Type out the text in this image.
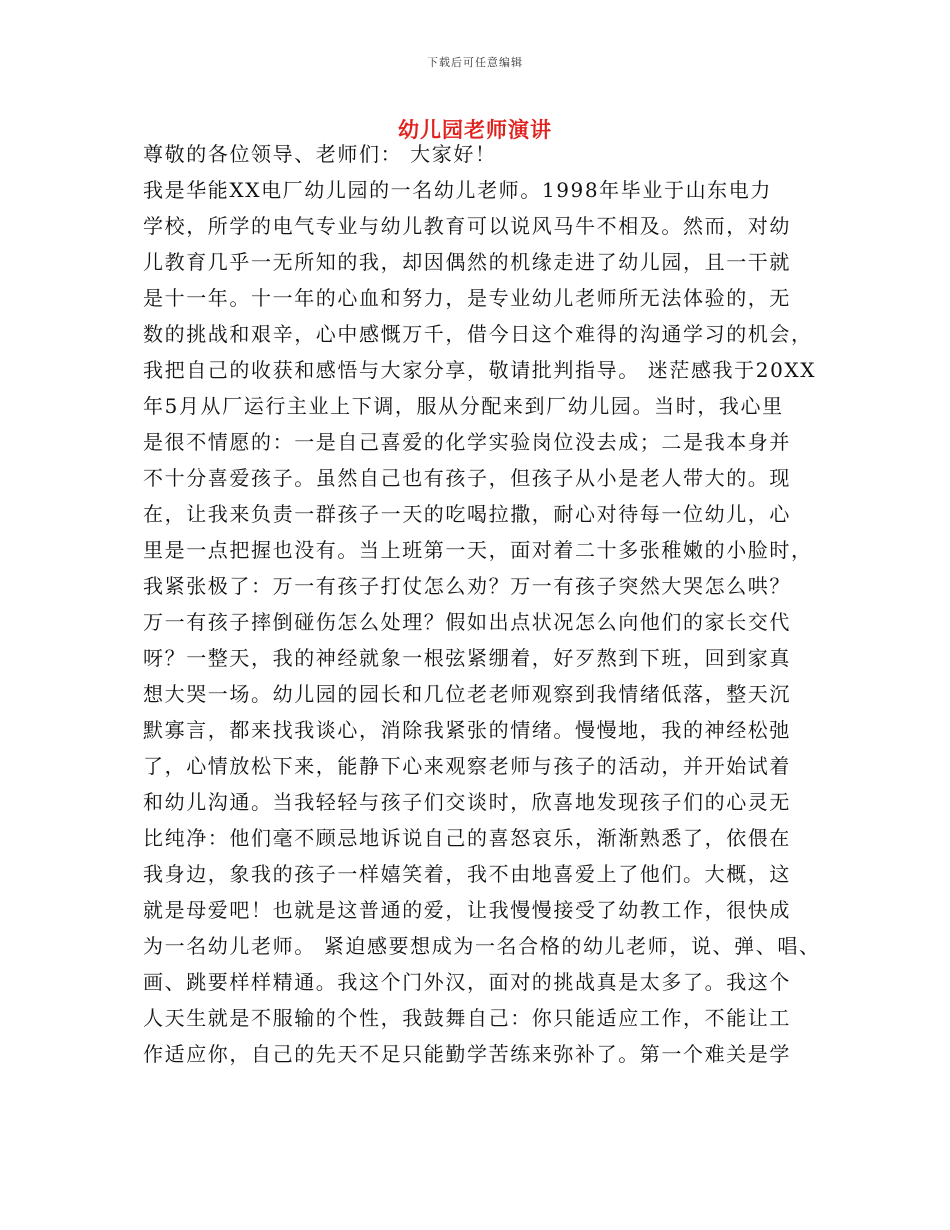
下载后可任意编辑
幼儿园老师演讲
尊敬的各位领导、老师们： 大家好！
我是华能XX电厂幼儿园的一名幼儿老师。1998年毕业于山东电力
学校，所学的电气专业与幼儿教育可以说风马牛不相及。然而，对幼
儿教育几乎一无所知的我，却因偶然的机缘走进了幼儿园，且一干就
是十一年。十一年的心血和努力，是专业幼儿老师所无法体验的，无
数的挑战和艰辛，心中感慨万千，借今日这个难得的沟通学习的机会，
我把自己的收获和感悟与大家分享，敬请批判指导。 迷茫感我于20XX
年5月从厂运行主业上下调，服从分配来到厂幼儿园。当时，我心里
是很不情愿的：一是自己喜爱的化学实验岗位没去成；二是我本身并
不十分喜爱孩子。虽然自己也有孩子，但孩子从小是老人带大的。现
在，让我来负责一群孩子一天的吃喝拉撒，耐心对待每一位幼儿，心
里是一点把握也没有。当上班第一天，面对着二十多张稚嫩的小脸时，
我紧张极了：万一有孩子打仗怎么劝？万一有孩子突然大哭怎么哄？
万一有孩子摔倒碰伤怎么处理？假如出点状况怎么向他们的家长交代
呀？一整天，我的神经就象一根弦紧绷着，好歹熬到下班，回到家真
想大哭一场。幼儿园的园长和几位老老师观察到我情绪低落，整天沉
默寡言，都来找我谈心，消除我紧张的情绪。慢慢地，我的神经松弛
了，心情放松下来，能静下心来观察老师与孩子的活动，并开始试着
和幼儿沟通。当我轻轻与孩子们交谈时，欣喜地发现孩子们的心灵无
比纯净：他们毫不顾忌地诉说自己的喜怒哀乐，渐渐熟悉了，依偎在
我身边，象我的孩子一样嬉笑着，我不由地喜爱上了他们。大概，这
就是母爱吧！也就是这普通的爱，让我慢慢接受了幼教工作，很快成
为一名幼儿老师。 紧迫感要想成为一名合格的幼儿老师，说、弹、唱、
画、跳要样样精通。我这个门外汉，面对的挑战真是太多了。我这个
人天生就是不服输的个性，我鼓舞自己：你只能适应工作，不能让工
作适应你，自己的先天不足只能勤学苦练来弥补了。第一个难关是学
